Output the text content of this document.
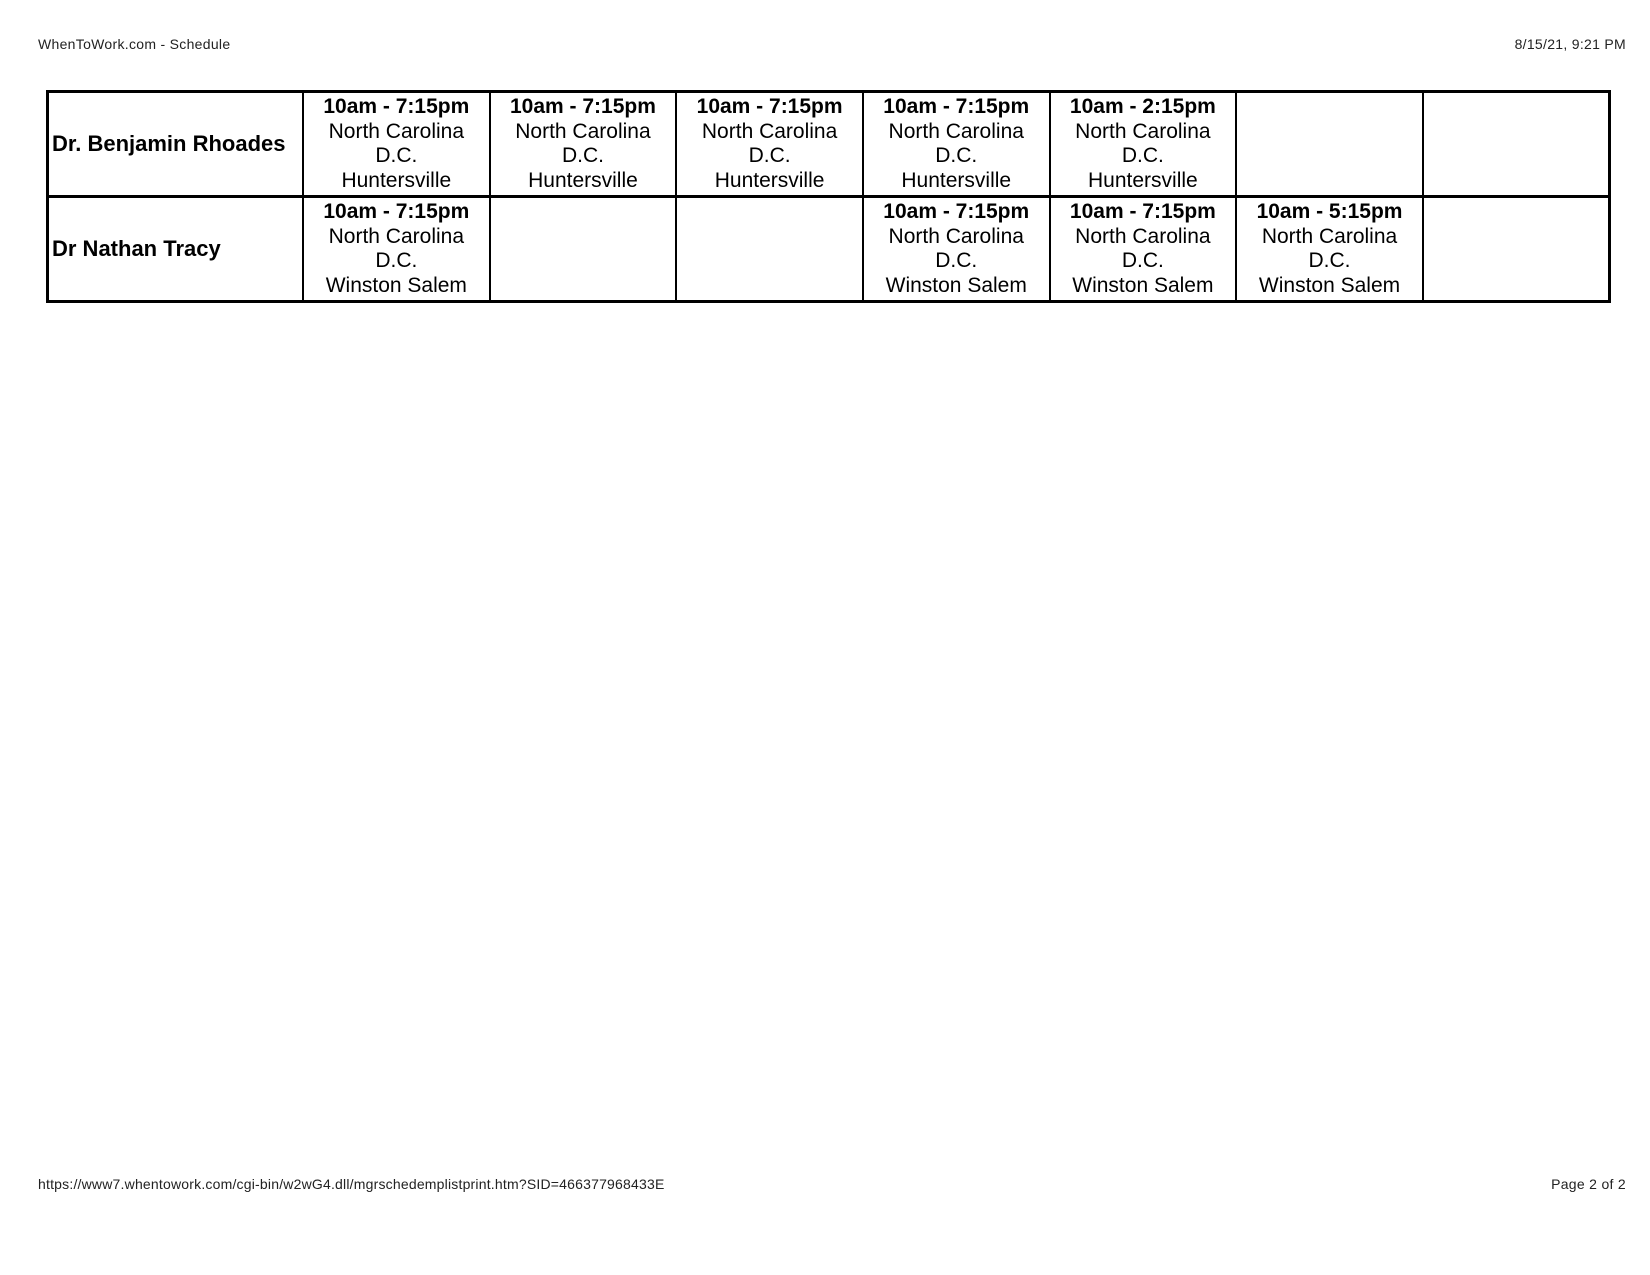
WhenToWork.com - Schedule	8/15/21, 9:21 PM
Dr. Benjamin Rhoades	10am - 7:15pm
North Carolina
D.C.
Huntersville	10am - 7:15pm
North Carolina
D.C.
Huntersville	10am - 7:15pm
North Carolina
D.C.
Huntersville	10am - 7:15pm
North Carolina
D.C.
Huntersville	10am - 2:15pm
North Carolina
D.C.
Huntersville		

Dr Nathan Tracy	10am - 7:15pm
North Carolina
D.C.
Winston Salem			10am - 7:15pm
North Carolina
D.C.
Winston Salem	10am - 7:15pm
North Carolina
D.C.
Winston Salem	10am - 5:15pm
North Carolina
D.C.
Winston Salem	

https://www7.whentowork.com/cgi-bin/w2wG4.dll/mgrschedemplistprint.htm?SID=466377968433E	Page 2 of 2
